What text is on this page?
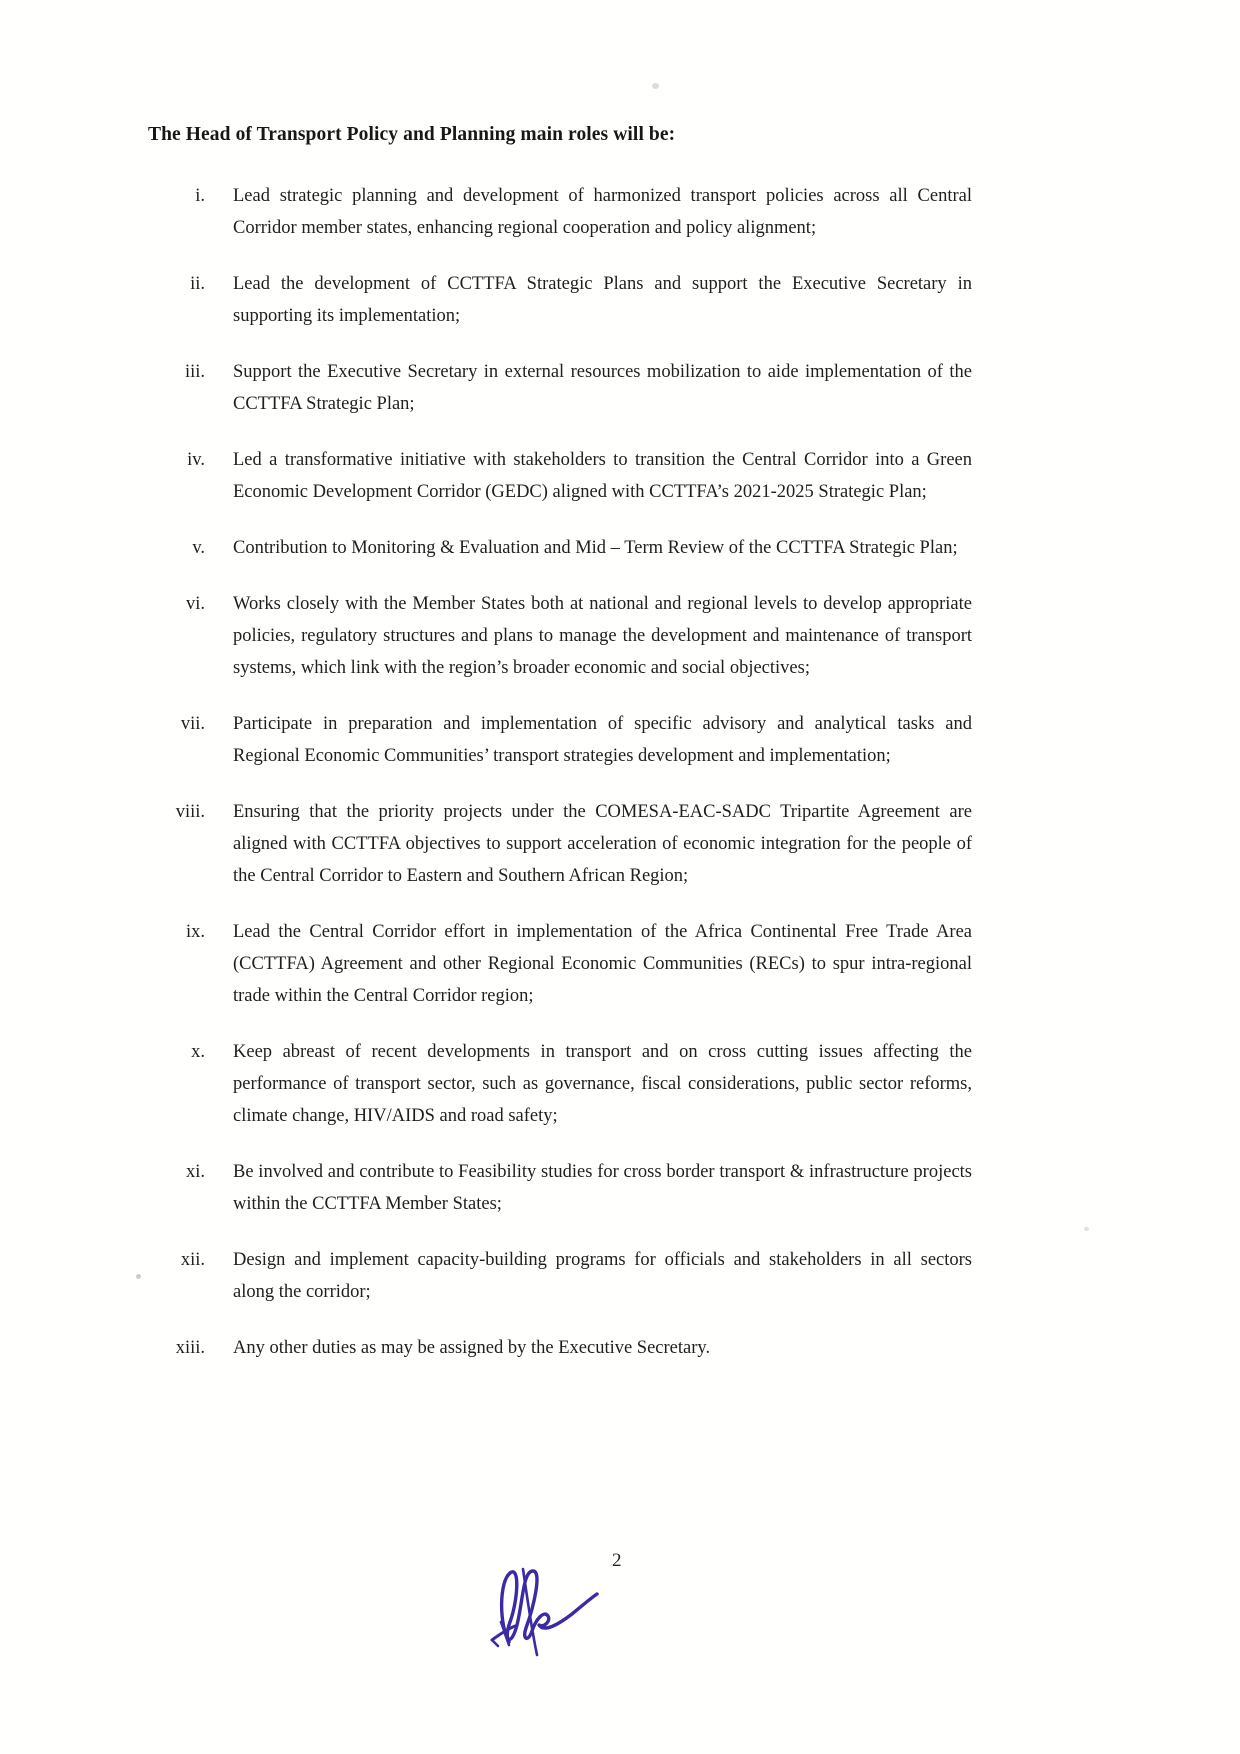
The Head of Transport Policy and Planning main roles will be:

i. Lead strategic planning and development of harmonized transport policies across all Central Corridor member states, enhancing regional cooperation and policy alignment;
ii. Lead the development of CCTTFA Strategic Plans and support the Executive Secretary in supporting its implementation;
iii. Support the Executive Secretary in external resources mobilization to aide implementation of the CCTTFA Strategic Plan;
iv. Led a transformative initiative with stakeholders to transition the Central Corridor into a Green Economic Development Corridor (GEDC) aligned with CCTTFA’s 2021-2025 Strategic Plan;
v. Contribution to Monitoring & Evaluation and Mid – Term Review of the CCTTFA Strategic Plan;
vi. Works closely with the Member States both at national and regional levels to develop appropriate policies, regulatory structures and plans to manage the development and maintenance of transport systems, which link with the region’s broader economic and social objectives;
vii. Participate in preparation and implementation of specific advisory and analytical tasks and Regional Economic Communities’ transport strategies development and implementation;
viii. Ensuring that the priority projects under the COMESA-EAC-SADC Tripartite Agreement are aligned with CCTTFA objectives to support acceleration of economic integration for the people of the Central Corridor to Eastern and Southern African Region;
ix. Lead the Central Corridor effort in implementation of the Africa Continental Free Trade Area (CCTTFA) Agreement and other Regional Economic Communities (RECs) to spur intra-regional trade within the Central Corridor region;
x. Keep abreast of recent developments in transport and on cross cutting issues affecting the performance of transport sector, such as governance, fiscal considerations, public sector reforms, climate change, HIV/AIDS and road safety;
xi. Be involved and contribute to Feasibility studies for cross border transport & infrastructure projects within the CCTTFA Member States;
xii. Design and implement capacity-building programs for officials and stakeholders in all sectors along the corridor;
xiii. Any other duties as may be assigned by the Executive Secretary.
2
